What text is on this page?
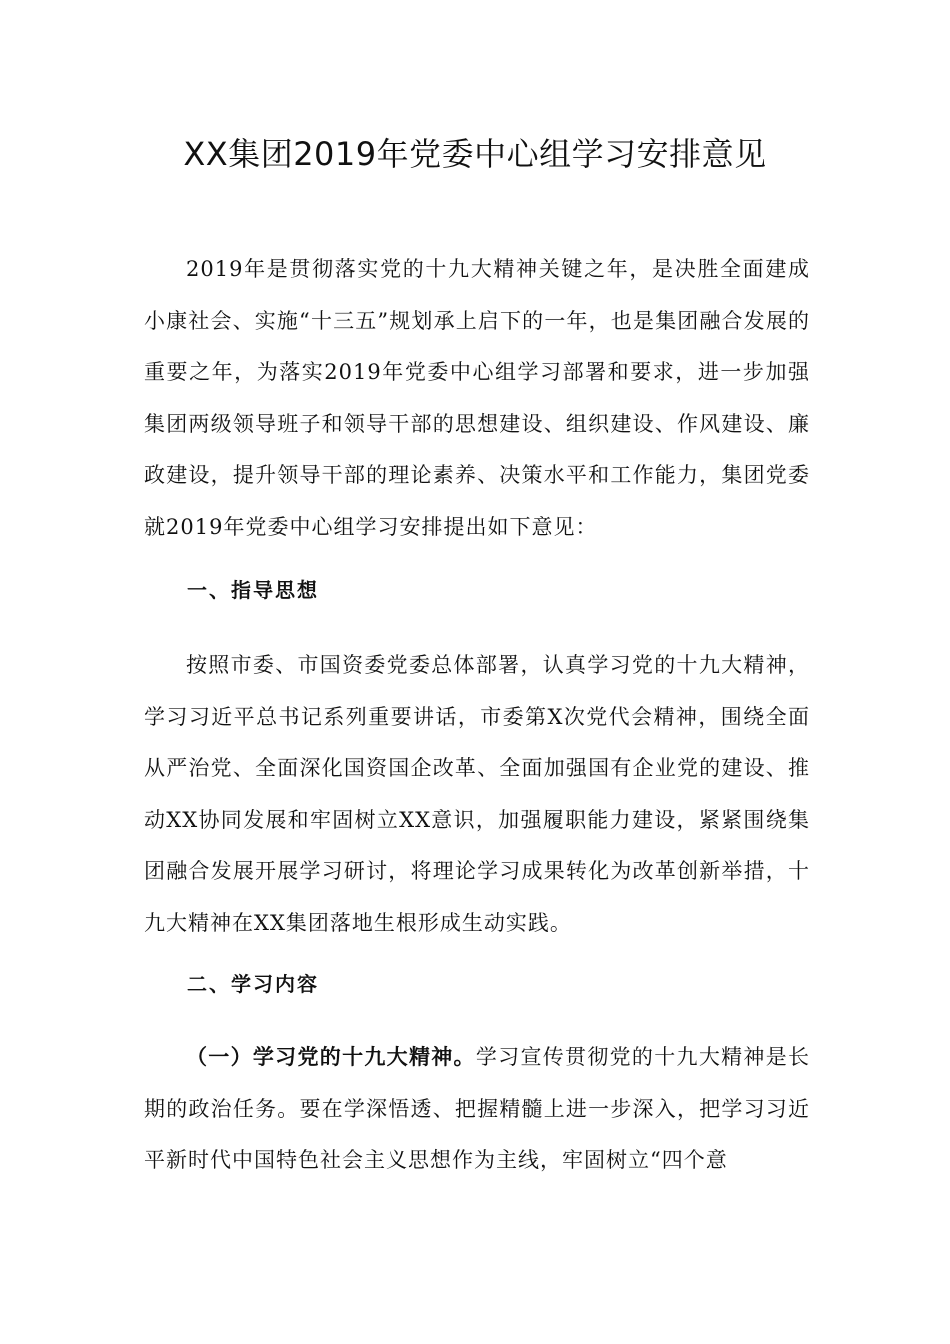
XX集团2019年党委中心组学习安排意见

2019年是贯彻落实党的十九大精神关键之年，是决胜全面建成小康社会、实施“十三五”规划承上启下的一年，也是集团融合发展的重要之年，为落实2019年党委中心组学习部署和要求，进一步加强集团两级领导班子和领导干部的思想建设、组织建设、作风建设、廉政建设，提升领导干部的理论素养、决策水平和工作能力，集团党委就2019年党委中心组学习安排提出如下意见：

一、指导思想

按照市委、市国资委党委总体部署，认真学习党的十九大精神，学习习近平总书记系列重要讲话，市委第X次党代会精神，围绕全面从严治党、全面深化国资国企改革、全面加强国有企业党的建设、推动XX协同发展和牢固树立XX意识，加强履职能力建设，紧紧围绕集团融合发展开展学习研讨，将理论学习成果转化为改革创新举措，十九大精神在XX集团落地生根形成生动实践。

二、学习内容

（一）学习党的十九大精神。学习宣传贯彻党的十九大精神是长期的政治任务。要在学深悟透、把握精髓上进一步深入，把学习习近平新时代中国特色社会主义思想作为主线，牢固树立“四个意
